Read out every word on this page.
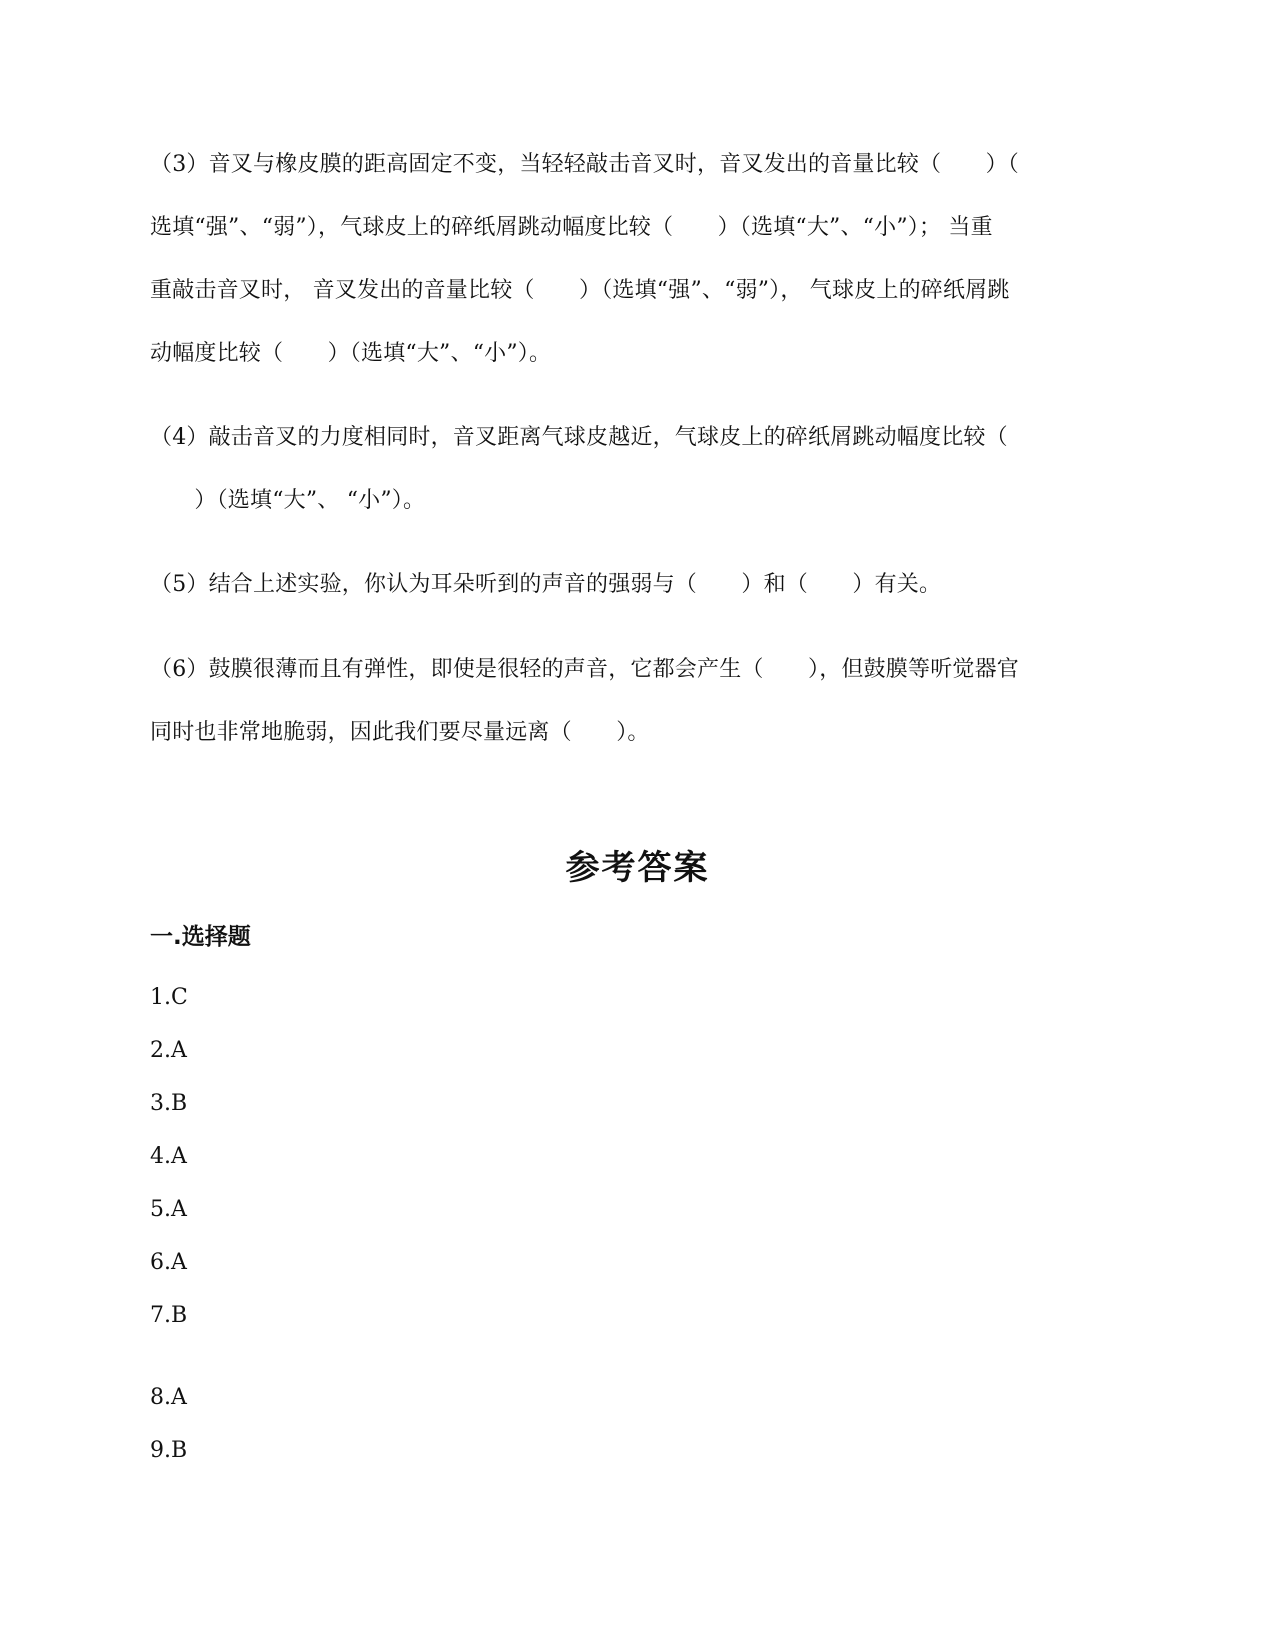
（3）音叉与橡皮膜的距高固定不变，当轻轻敲击音叉时，音叉发出的音量比较（　　）（
选填“强”、“弱”），气球皮上的碎纸屑跳动幅度比较（　　）（选填“大”、“小”）； 当重
重敲击音叉时， 音叉发出的音量比较（　　）（选填“强”、“弱”）， 气球皮上的碎纸屑跳
动幅度比较（　　）（选填“大”、“小”）。
（4）敲击音叉的力度相同时，音叉距离气球皮越近，气球皮上的碎纸屑跳动幅度比较（
　　）（选填“大”、 “小”）。
（5）结合上述实验，你认为耳朵听到的声音的强弱与（　　）和（　　）有关。
（6）鼓膜很薄而且有弹性，即使是很轻的声音，它都会产生（　　），但鼓膜等听觉器官
同时也非常地脆弱，因此我们要尽量远离（　　）。
参考答案
一.选择题
1.C
2.A
3.B
4.A
5.A
6.A
7.B
8.A
9.B
